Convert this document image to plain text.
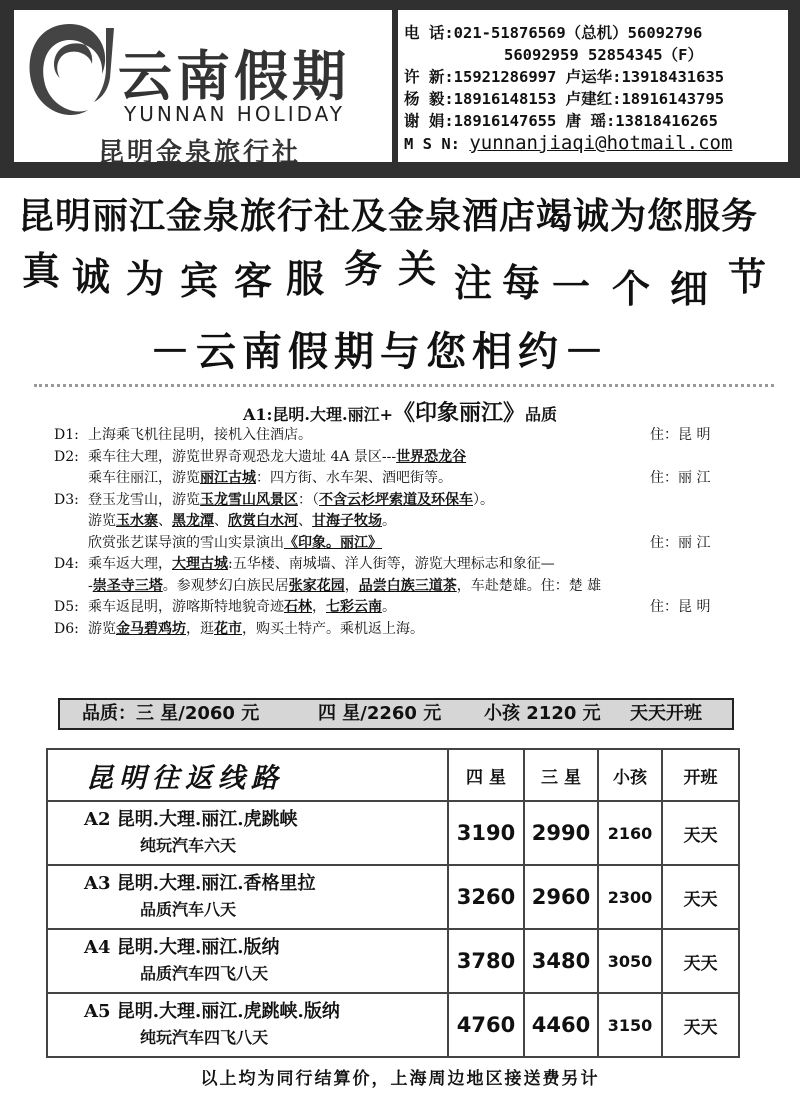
云南假期
YUNNAN HOLIDAY
昆明金泉旅行社
电 话:021-51876569（总机）56092796
56092959 52854345（F）
许 新:15921286997 卢运华:13918431635
杨 毅:18916148153 卢建红:18916143795
谢 娟:18916147655 唐 瑶:13818416265
M S N: yunnanjiaqi@hotmail.com
昆明丽江金泉旅行社及金泉酒店竭诚为您服务
真 诚 为 宾 客 服 务 关 注 每 一 个 细 节
－云南假期与您相约－
A1:昆明.大理.丽江+《印象丽江》品质
D1: 上海乘飞机往昆明，接机入住酒店。	住：昆 明
D2: 乘车往大理，游览世界奇观恐龙大遗址 4A 景区---世界恐龙谷
乘车往丽江，游览丽江古城：四方街、水车架、酒吧街等。	住：丽 江
D3: 登玉龙雪山，游览玉龙雪山风景区：（不含云杉坪索道及环保车）。
游览玉水寨、黑龙潭、欣赏白水河、甘海子牧场。
欣赏张艺谋导演的雪山实景演出《印象。丽江》	住：丽 江
D4: 乘车返大理，大理古城:五华楼、南城墙、洋人街等，游览大理标志和象征—
-崇圣寺三塔。参观梦幻白族民居张家花园，品尝白族三道茶，车赴楚雄。住：楚 雄
D5: 乘车返昆明，游喀斯特地貌奇迹石林，七彩云南。	住：昆 明
D6: 游览金马碧鸡坊，逛花市，购买土特产。乘机返上海。
品质：三 星/2060 元	四 星/2260 元 小孩 2120 元 天天开班
昆明往返线路	四 星	三 星	小孩	开班

A2 昆明.大理.丽江.虎跳峡
纯玩汽车六天	3190	2990	2160	天天

A3 昆明.大理.丽江.香格里拉
品质汽车八天	3260	2960	2300	天天

A4 昆明.大理.丽江.版纳
品质汽车四飞八天	3780	3480	3050	天天

A5 昆明.大理.丽江.虎跳峡.版纳
纯玩汽车四飞八天	4760	4460	3150	天天
以上均为同行结算价，上海周边地区接送费另计
